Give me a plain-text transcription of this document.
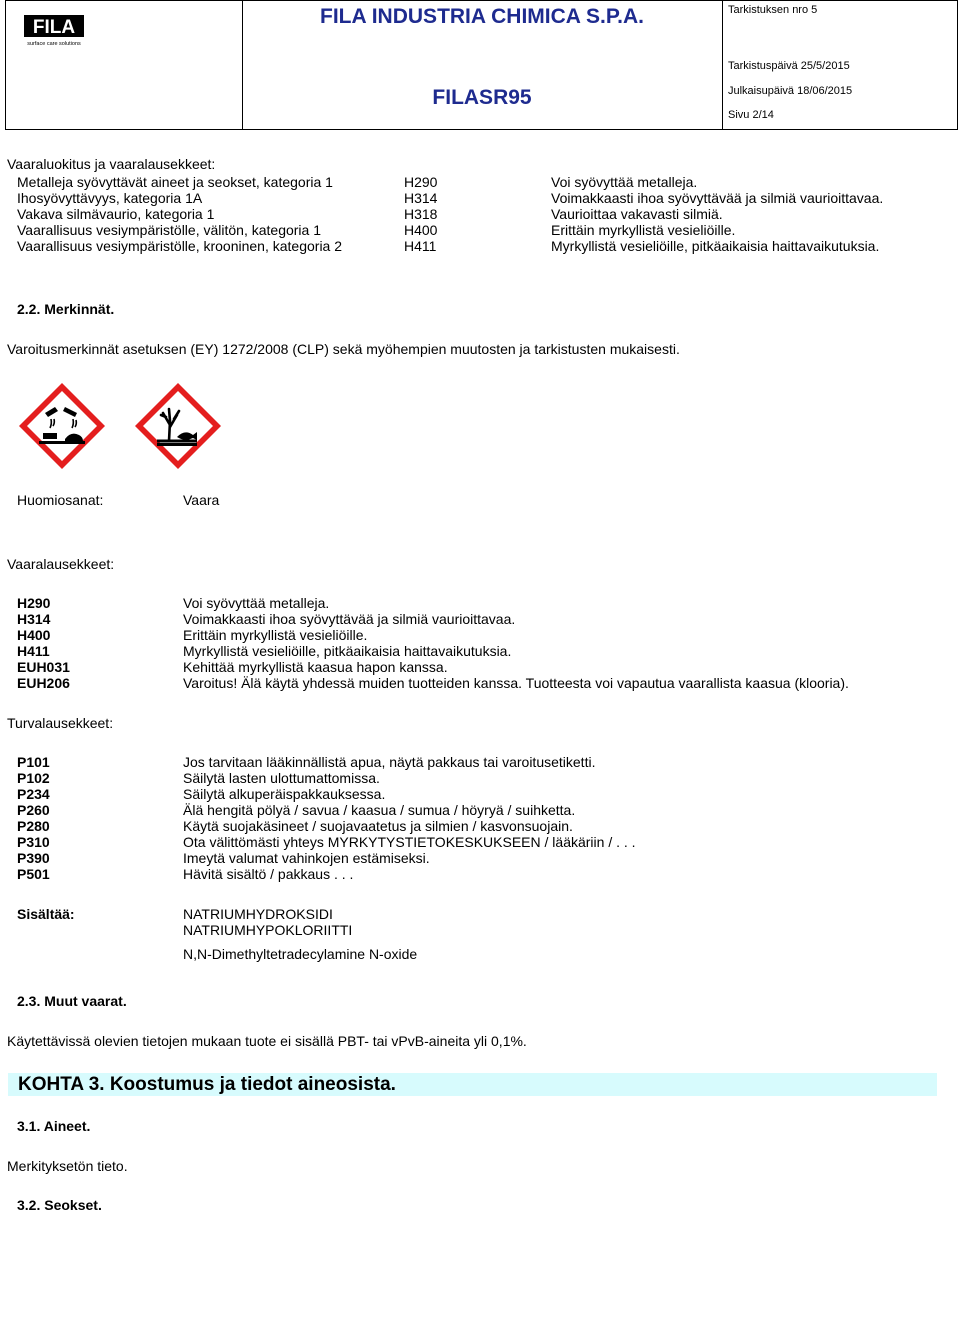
FILA
surface care solutions
FILA INDUSTRIA CHIMICA S.P.A.
FILASR95
Tarkistuksen nro 5
Tarkistuspäivä 25/5/2015
Julkaisupäivä 18/06/2015
Sivu 2/14
Vaaraluokitus ja vaaralausekkeet:
Metalleja syövyttävät aineet ja seokset, kategoria 1	H290	Voi syövyttää metalleja.
Ihosyövyttävyys, kategoria 1A	H314	Voimakkaasti ihoa syövyttävää ja silmiä vaurioittavaa.
Vakava silmävaurio, kategoria 1	H318	Vaurioittaa vakavasti silmiä.
Vaarallisuus vesiympäristölle, välitön, kategoria 1	H400	Erittäin myrkyllistä vesieliöille.
Vaarallisuus vesiympäristölle, krooninen, kategoria 2	H411	Myrkyllistä vesieliöille, pitkäaikaisia haittavaikutuksia.
2.2. Merkinnät.
Varoitusmerkinnät asetuksen (EY) 1272/2008 (CLP) sekä myöhempien muutosten ja tarkistusten mukaisesti.
Huomiosanat:	Vaara
Vaaralausekkeet:
H290	Voi syövyttää metalleja.
H314	Voimakkaasti ihoa syövyttävää ja silmiä vaurioittavaa.
H400	Erittäin myrkyllistä vesieliöille.
H411	Myrkyllistä vesieliöille, pitkäaikaisia haittavaikutuksia.
EUH031	Kehittää myrkyllistä kaasua hapon kanssa.
EUH206	Varoitus! Älä käytä yhdessä muiden tuotteiden kanssa. Tuotteesta voi vapautua vaarallista kaasua (klooria).
Turvalausekkeet:
P101	Jos tarvitaan lääkinnällistä apua, näytä pakkaus tai varoitusetiketti.
P102	Säilytä lasten ulottumattomissa.
P234	Säilytä alkuperäispakkauksessa.
P260	Älä hengitä pölyä / savua / kaasua / sumua / höyryä / suihketta.
P280	Käytä suojakäsineet / suojavaatetus ja silmien / kasvonsuojain.
P310	Ota välittömästi yhteys MYRKYTYSTIETOKESKUKSEEN / lääkäriin / . . .
P390	Imeytä valumat vahinkojen estämiseksi.
P501	Hävitä sisältö / pakkaus . . .
Sisältää:	NATRIUMHYDROKSIDI
NATRIUMHYPOKLORIITTI
N,N-Dimethyltetradecylamine N-oxide
2.3. Muut vaarat.
Käytettävissä olevien tietojen mukaan tuote ei sisällä PBT- tai vPvB-aineita yli 0,1%.
KOHTA 3. Koostumus ja tiedot aineosista.
3.1. Aineet.
Merkityksetön tieto.
3.2. Seokset.
